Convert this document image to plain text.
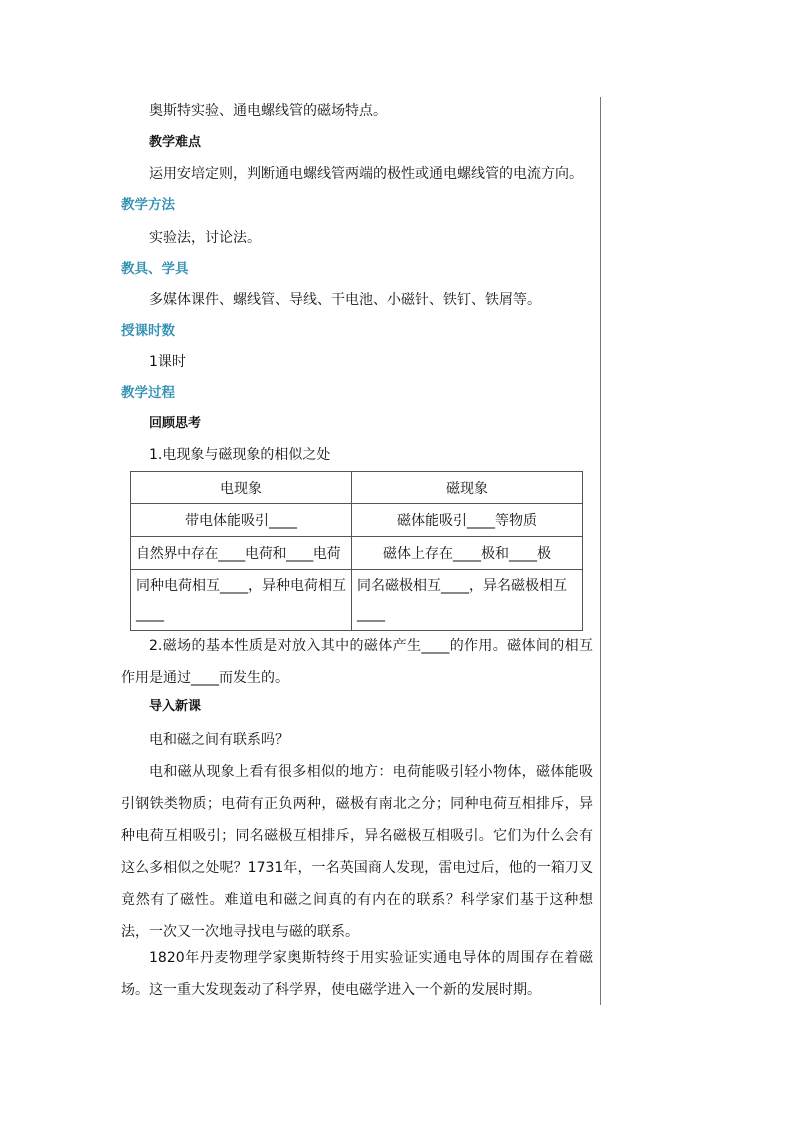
奥斯特实验、通电螺线管的磁场特点。
教学难点
运用安培定则，判断通电螺线管两端的极性或通电螺线管的电流方向。
教学方法
实验法，讨论法。
教具、学具
多媒体课件、螺线管、导线、干电池、小磁针、铁钉、铁屑等。
授课时数
1课时
教学过程
回顾思考
1.电现象与磁现象的相似之处
电现象	磁现象
带电体能吸引____	磁体能吸引____等物质
自然界中存在____电荷和____电荷	磁体上存在____极和____极
同种电荷相互____，异种电荷相互____	同名磁极相互____，异名磁极相互____
2.磁场的基本性质是对放入其中的磁体产生____的作用。磁体间的相互作用是通过____而发生的。
导入新课
电和磁之间有联系吗？
电和磁从现象上看有很多相似的地方：电荷能吸引轻小物体，磁体能吸引钢铁类物质；电荷有正负两种，磁极有南北之分；同种电荷互相排斥，异种电荷互相吸引；同名磁极互相排斥，异名磁极互相吸引。它们为什么会有这么多相似之处呢？1731年，一名英国商人发现，雷电过后，他的一箱刀叉竟然有了磁性。难道电和磁之间真的有内在的联系？科学家们基于这种想法，一次又一次地寻找电与磁的联系。
1820年丹麦物理学家奥斯特终于用实验证实通电导体的周围存在着磁场。这一重大发现轰动了科学界，使电磁学进入一个新的发展时期。
